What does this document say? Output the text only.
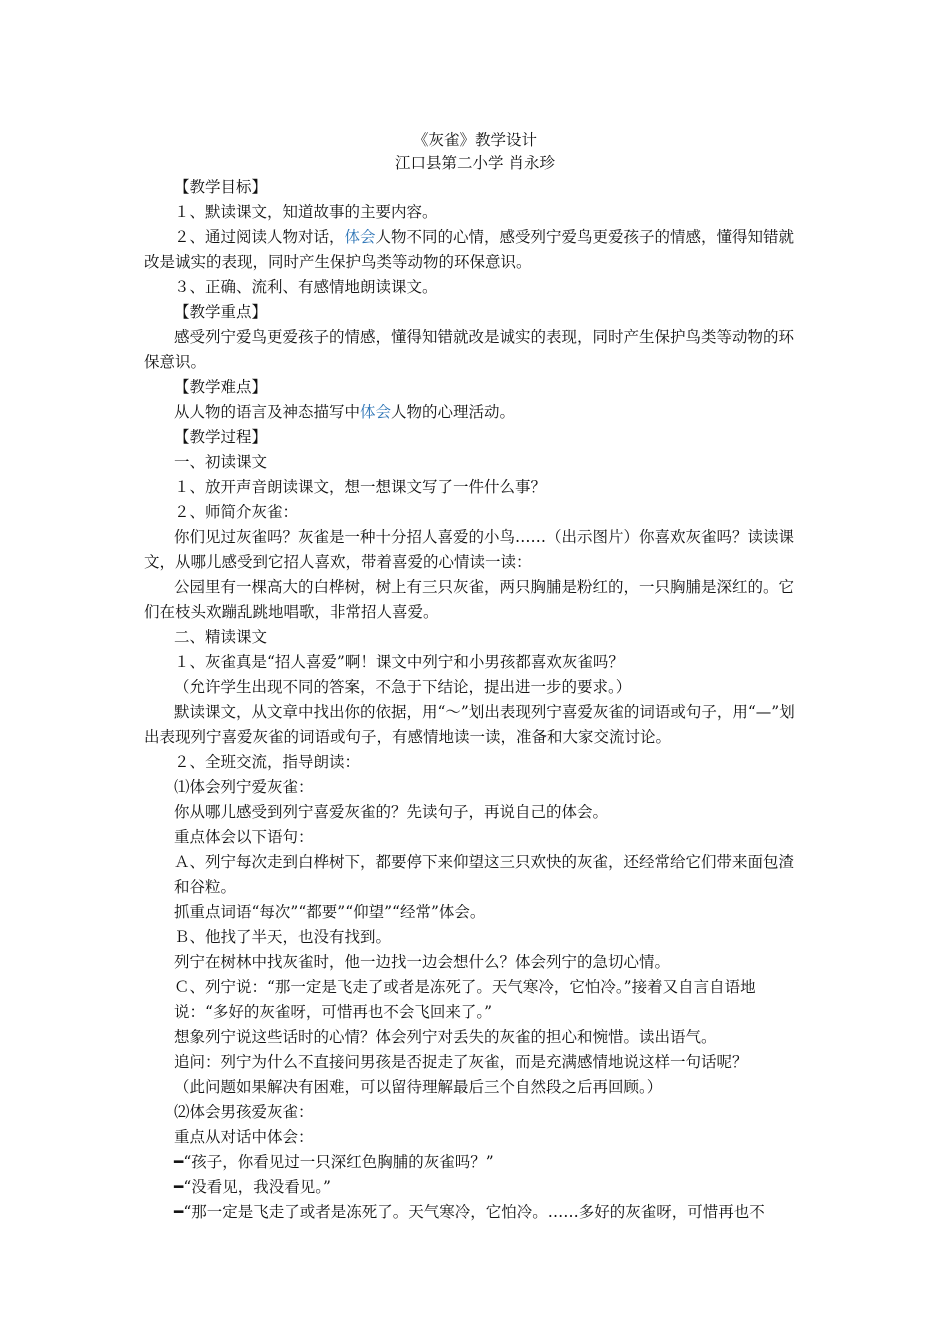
《灰雀》教学设计
江口县第二小学 肖永珍

【教学目标】

１、默读课文，知道故事的主要内容。

２、通过阅读人物对话，体会人物不同的心情，感受列宁爱鸟更爱孩子的情感，懂得知错就改是诚实的表现，同时产生保护鸟类等动物的环保意识。

３、正确、流利、有感情地朗读课文。

【教学重点】

感受列宁爱鸟更爱孩子的情感，懂得知错就改是诚实的表现，同时产生保护鸟类等动物的环保意识。

【教学难点】

从人物的语言及神态描写中体会人物的心理活动。

【教学过程】

一、初读课文

１、放开声音朗读课文，想一想课文写了一件什么事？

２、师简介灰雀：

你们见过灰雀吗？灰雀是一种十分招人喜爱的小鸟……（出示图片）你喜欢灰雀吗？读读课文，从哪儿感受到它招人喜欢，带着喜爱的心情读一读：

公园里有一棵高大的白桦树，树上有三只灰雀，两只胸脯是粉红的，一只胸脯是深红的。它们在枝头欢蹦乱跳地唱歌，非常招人喜爱。

二、精读课文

１、灰雀真是“招人喜爱”啊！课文中列宁和小男孩都喜欢灰雀吗？

（允许学生出现不同的答案，不急于下结论，提出进一步的要求。）

默读课文，从文章中找出你的依据，用“～”划出表现列宁喜爱灰雀的词语或句子，用“—”划出表现列宁喜爱灰雀的词语或句子，有感情地读一读，准备和大家交流讨论。

２、全班交流，指导朗读：

⑴体会列宁爱灰雀：

你从哪儿感受到列宁喜爱灰雀的？先读句子，再说自己的体会。

重点体会以下语句：

Ａ、列宁每次走到白桦树下，都要停下来仰望这三只欢快的灰雀，还经常给它们带来面包渣和谷粒。

抓重点词语“每次”“都要”“仰望”“经常”体会。

Ｂ、他找了半天，也没有找到。

列宁在树林中找灰雀时，他一边找一边会想什么？体会列宁的急切心情。

Ｃ、列宁说：“那一定是飞走了或者是冻死了。天气寒冷，它怕冷。”接着又自言自语地说：“多好的灰雀呀，可惜再也不会飞回来了。”

想象列宁说这些话时的心情？体会列宁对丢失的灰雀的担心和惋惜。读出语气。

追问：列宁为什么不直接问男孩是否捉走了灰雀，而是充满感情地说这样一句话呢？

（此问题如果解决有困难，可以留待理解最后三个自然段之后再回顾。）

⑵体会男孩爱灰雀：

重点从对话中体会：

━“孩子，你看见过一只深红色胸脯的灰雀吗？”

━“没看见，我没看见。”

━“那一定是飞走了或者是冻死了。天气寒冷，它怕冷。……多好的灰雀呀，可惜再也不
